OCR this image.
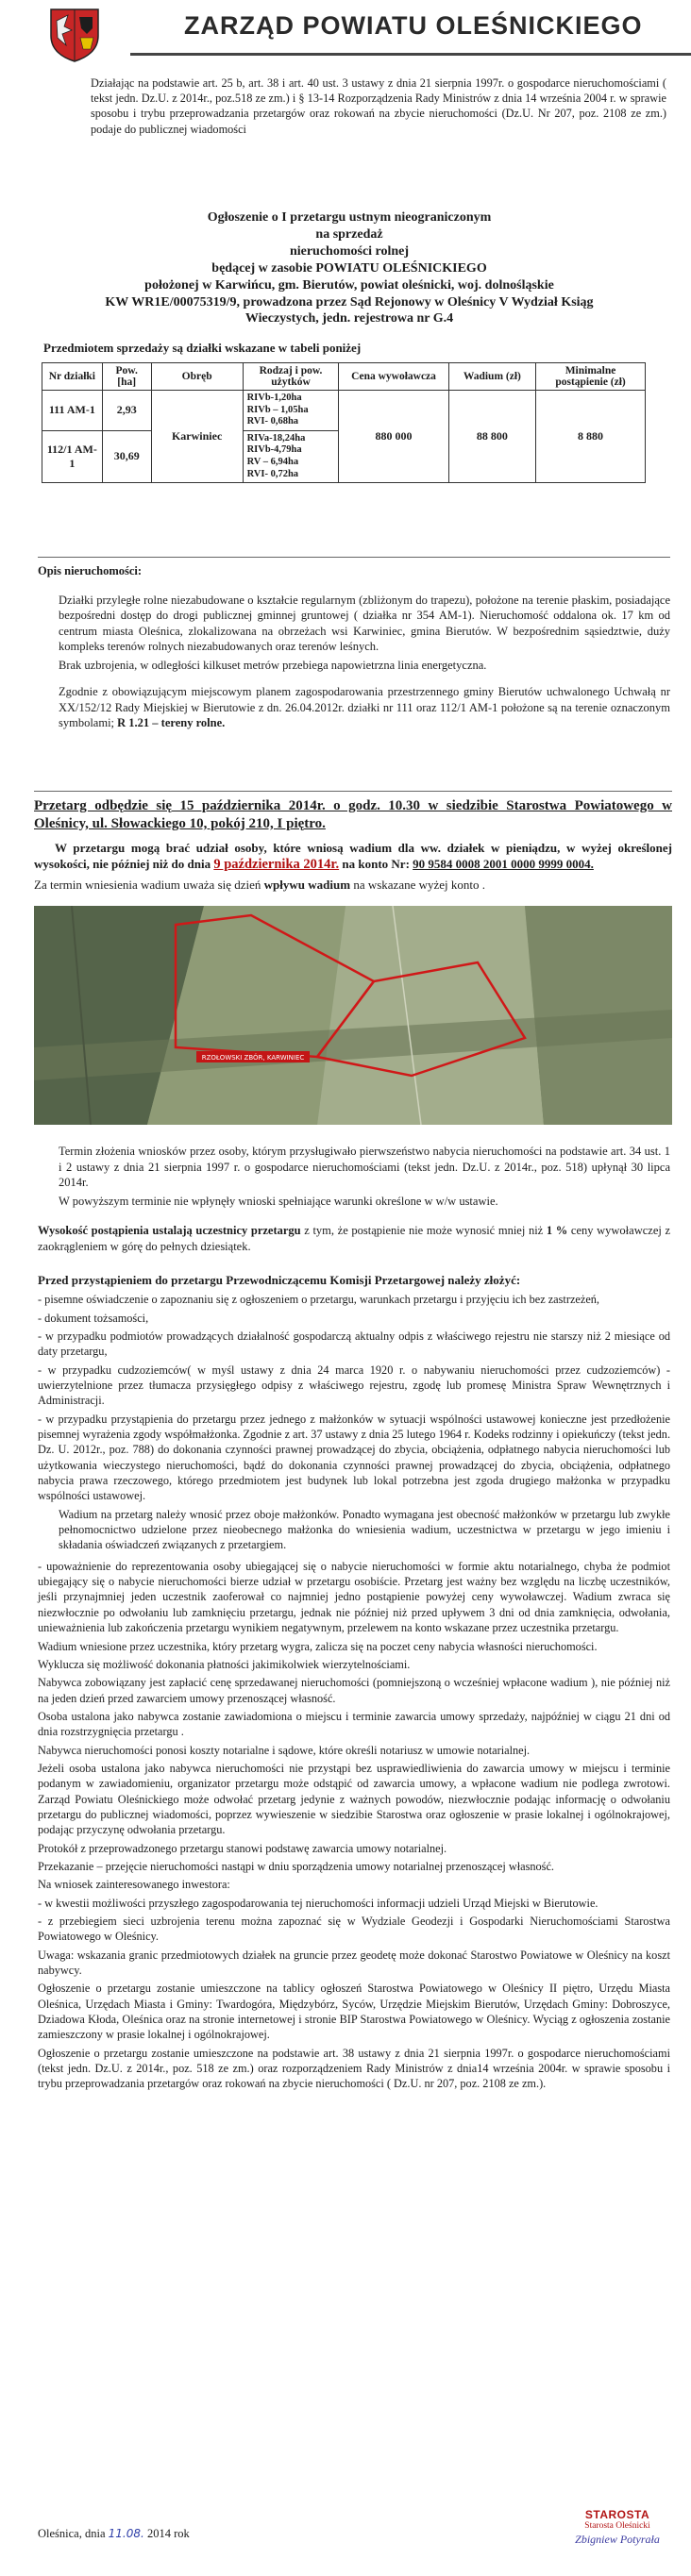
ZARZĄD POWIATU OLEŚNICKIEGO
Działając na podstawie art. 25 b, art. 38 i art. 40 ust. 3 ustawy z dnia 21 sierpnia 1997r. o gospodarce nieruchomościami ( tekst jedn. Dz.U. z 2014r., poz.518 ze zm.) i § 13-14 Rozporządzenia Rady Ministrów z dnia 14 września 2004 r. w sprawie sposobu i trybu przeprowadzania przetargów oraz rokowań na zbycie nieruchomości (Dz.U. Nr 207, poz. 2108 ze zm.) podaje do publicznej wiadomości
Ogłoszenie o I przetargu ustnym nieograniczonym
na sprzedaż
nieruchomości rolnej
będącej w zasobie POWIATU OLEŚNICKIEGO
położonej w Karwińcu, gm. Bierutów, powiat oleśnicki, woj. dolnośląskie
KW WR1E/00075319/9, prowadzona przez Sąd Rejonowy w Oleśnicy V Wydział Ksiąg
Wieczystych, jedn. rejestrowa nr G.4
Przedmiotem sprzedaży są działki wskazane w tabeli poniżej
Nr działki	Pow. [ha]	Obręb	Rodzaj i pow. użytków	Cena wywoławcza	Wadium (zł)	Minimalne postąpienie (zł)
111 AM-1	2,93	Karwiniec	RIVb-1,20ha
RIVb – 1,05ha
RVI- 0,68ha	880 000	88 800	8 880
112/1 AM-1	30,69		RIVa-18,24ha
RIVb-4,79ha
RV – 6,94ha
RVI- 0,72ha			
Opis nieruchomości:
Działki przyległe rolne niezabudowane o kształcie regularnym (zbliżonym do trapezu), położone na terenie płaskim, posiadające bezpośredni dostęp do drogi publicznej gminnej gruntowej ( działka nr 354 AM-1). Nieruchomość oddalona ok. 17 km od centrum miasta Oleśnica, zlokalizowana na obrzeżach wsi Karwiniec, gmina Bierutów. W bezpośrednim sąsiedztwie, duży kompleks terenów rolnych niezabudowanych oraz terenów leśnych.
Brak uzbrojenia, w odległości kilkuset metrów przebiega napowietrzna linia energetyczna.
Zgodnie z obowiązującym miejscowym planem zagospodarowania przestrzennego gminy Bierutów uchwalonego Uchwałą nr XX/152/12 Rady Miejskiej w Bierutowie z dn. 26.04.2012r. działki nr 111 oraz 112/1 AM-1 położone są na terenie oznaczonym symbolami; R 1.21 – tereny rolne.
Przetarg odbędzie się 15 października 2014r. o godz. 10.30 w siedzibie Starostwa Powiatowego w Oleśnicy, ul. Słowackiego 10, pokój 210, I piętro.
W przetargu mogą brać udział osoby, które wniosą wadium dla ww. działek w pieniądzu, w wyżej określonej wysokości, nie później niż do dnia 9 października 2014r. na konto Nr: 90 9584 0008 2001 0000 9999 0004.
Za termin wniesienia wadium uważa się dzień wpływu wadium na wskazane wyżej konto .
RZOŁOWSKI ZBÓR, KARWINIEC
Termin złożenia wniosków przez osoby, którym przysługiwało pierwszeństwo nabycia nieruchomości na podstawie art. 34 ust. 1 i 2 ustawy z dnia 21 sierpnia 1997 r. o gospodarce nieruchomościami (tekst jedn. Dz.U. z 2014r., poz. 518) upłynął 30 lipca 2014r.
W powyższym terminie nie wpłynęły wnioski spełniające warunki określone w w/w ustawie.
Wysokość postąpienia ustalają uczestnicy przetargu z tym, że postąpienie nie może wynosić mniej niż 1 % ceny wywoławczej z zaokrągleniem w górę do pełnych dziesiątek.
Przed przystąpieniem do przetargu Przewodniczącemu Komisji Przetargowej należy złożyć:
- pisemne oświadczenie o zapoznaniu się z ogłoszeniem o przetargu, warunkach przetargu i przyjęciu ich bez zastrzeżeń,
- dokument tożsamości,
- w przypadku podmiotów prowadzących działalność gospodarczą aktualny odpis z właściwego rejestru nie starszy niż 2 miesiące od daty przetargu,
- w przypadku cudzoziemców( w myśl ustawy z dnia 24 marca 1920 r. o nabywaniu nieruchomości przez cudzoziemców) - uwierzytelnione przez tłumacza przysięgłego odpisy z właściwego rejestru, zgodę lub promesę Ministra Spraw Wewnętrznych i Administracji.
- w przypadku przystąpienia do przetargu przez jednego z małżonków w sytuacji wspólności ustawowej konieczne jest przedłożenie pisemnej wyrażenia zgody współmałżonka. Zgodnie z art. 37 ustawy z dnia 25 lutego 1964 r. Kodeks rodzinny i opiekuńczy (tekst jedn. Dz. U. 2012r., poz. 788) do dokonania czynności prawnej prowadzącej do zbycia, obciążenia, odpłatnego nabycia nieruchomości lub użytkowania wieczystego nieruchomości, bądź do dokonania czynności prawnej prowadzącej do zbycia, obciążenia, odpłatnego nabycia prawa rzeczowego, którego przedmiotem jest budynek lub lokal potrzebna jest zgoda drugiego małżonka w przypadku wspólności ustawowej.
Wadium na przetarg należy wnosić przez oboje małżonków. Ponadto wymagana jest obecność małżonków w przetargu lub zwykłe pełnomocnictwo udzielone przez nieobecnego małżonka do wniesienia wadium, uczestnictwa w przetargu w jego imieniu i składania oświadczeń związanych z przetargiem.
- upoważnienie do reprezentowania osoby ubiegającej się o nabycie nieruchomości w formie aktu notarialnego, chyba że podmiot ubiegający się o nabycie nieruchomości bierze udział w przetargu osobiście. Przetarg jest ważny bez względu na liczbę uczestników, jeśli przynajmniej jeden uczestnik zaoferował co najmniej jedno postąpienie powyżej ceny wywoławczej. Wadium zwraca się niezwłocznie po odwołaniu lub zamknięciu przetargu, jednak nie później niż przed upływem 3 dni od dnia zamknięcia, odwołania, unieważnienia lub zakończenia przetargu wynikiem negatywnym, przelewem na konto wskazane przez uczestnika przetargu.
Wadium wniesione przez uczestnika, który przetarg wygra, zalicza się na poczet ceny nabycia własności nieruchomości.
Wyklucza się możliwość dokonania płatności jakimikolwiek wierzytelnościami.
Nabywca zobowiązany jest zapłacić cenę sprzedawanej nieruchomości (pomniejszoną o wcześniej wpłacone wadium ), nie później niż na jeden dzień przed zawarciem umowy przenoszącej własność.
Osoba ustalona jako nabywca zostanie zawiadomiona o miejscu i terminie zawarcia umowy sprzedaży, najpóźniej w ciągu 21 dni od dnia rozstrzygnięcia przetargu .
Nabywca nieruchomości ponosi koszty notarialne i sądowe, które określi notariusz w umowie notarialnej.
Jeżeli osoba ustalona jako nabywca nieruchomości nie przystąpi bez usprawiedliwienia do zawarcia umowy w miejscu i terminie podanym w zawiadomieniu, organizator przetargu może odstąpić od zawarcia umowy, a wpłacone wadium nie podlega zwrotowi. Zarząd Powiatu Oleśnickiego może odwołać przetarg jedynie z ważnych powodów, niezwłocznie podając informację o odwołaniu przetargu do publicznej wiadomości, poprzez wywieszenie w siedzibie Starostwa oraz ogłoszenie w prasie lokalnej i ogólnokrajowej, podając przyczynę odwołania przetargu.
Protokół z przeprowadzonego przetargu stanowi podstawę zawarcia umowy notarialnej.
Przekazanie – przejęcie nieruchomości nastąpi w dniu sporządzenia umowy notarialnej przenoszącej własność.
Na wniosek zainteresowanego inwestora:
- w kwestii możliwości przyszłego zagospodarowania tej nieruchomości informacji udzieli Urząd Miejski w Bierutowie.
- z przebiegiem sieci uzbrojenia terenu można zapoznać się w Wydziale Geodezji i Gospodarki Nieruchomościami Starostwa Powiatowego w Oleśnicy.
Uwaga: wskazania granic przedmiotowych działek na gruncie przez geodetę może dokonać Starostwo Powiatowe w Oleśnicy na koszt nabywcy.
Ogłoszenie o przetargu zostanie umieszczone na tablicy ogłoszeń Starostwa Powiatowego w Oleśnicy II piętro, Urzędu Miasta Oleśnica, Urzędach Miasta i Gminy: Twardogóra, Międzybórz, Syców, Urzędzie Miejskim Bierutów, Urzędach Gminy: Dobroszyce, Dziadowa Kłoda, Oleśnica oraz na stronie internetowej i stronie BIP Starostwa Powiatowego w Oleśnicy. Wyciąg z ogłoszenia zostanie zamieszczony w prasie lokalnej i ogólnokrajowej.
Ogłoszenie o przetargu zostanie umieszczone na podstawie art. 38 ustawy z dnia 21 sierpnia 1997r. o gospodarce nieruchomościami (tekst jedn. Dz.U. z 2014r., poz. 518 ze zm.) oraz rozporządzeniem Rady Ministrów z dnia14 września 2004r. w sprawie sposobu i trybu przeprowadzania przetargów oraz rokowań na zbycie nieruchomości ( Dz.U. nr 207, poz. 2108 ze zm.).
Oleśnica, dnia 11.08. 2014 rok
STAROSTA
Starosta Oleśnicki
Zbigniew Potyrała
